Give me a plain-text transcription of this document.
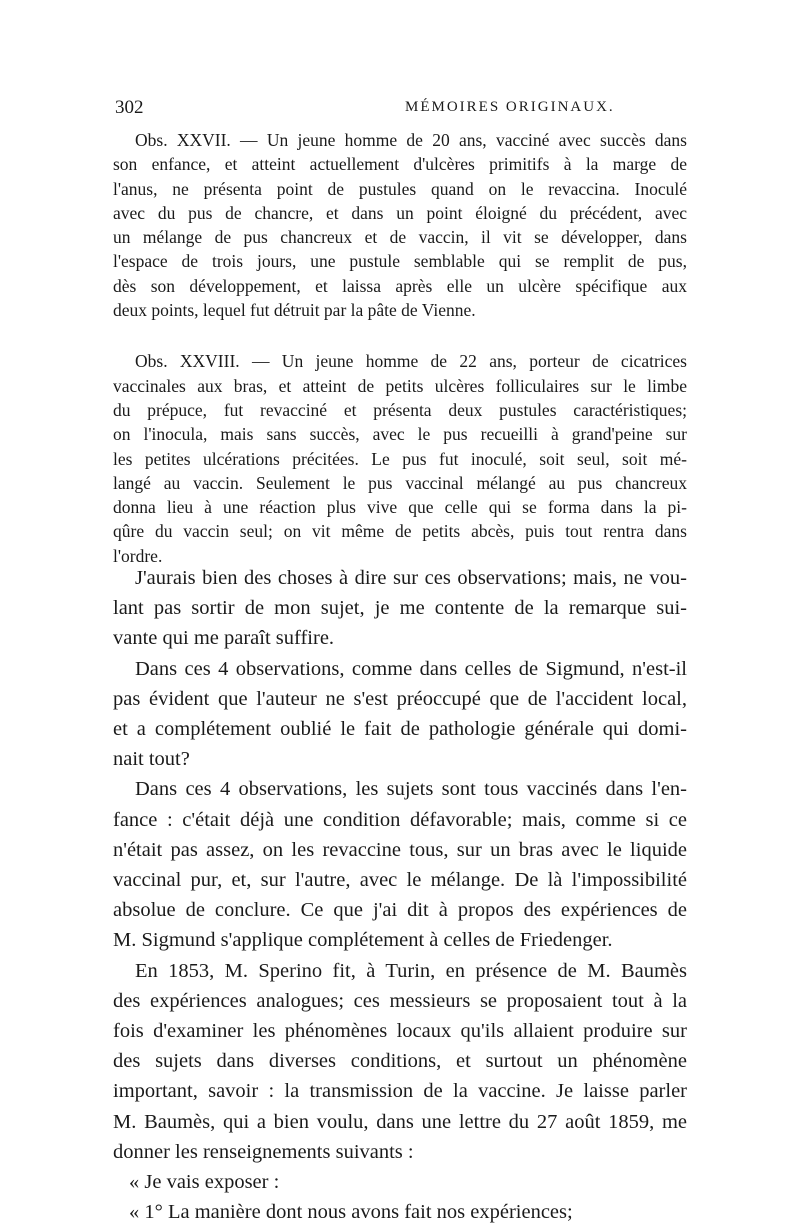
302	MÉMOIRES ORIGINAUX.
Obs. XXVII. — Un jeune homme de 20 ans, vacciné avec succès dans
son enfance, et atteint actuellement d'ulcères primitifs à la marge de
l'anus, ne présenta point de pustules quand on le revaccina. Inoculé
avec du pus de chancre, et dans un point éloigné du précédent, avec
un mélange de pus chancreux et de vaccin, il vit se développer, dans
l'espace de trois jours, une pustule semblable qui se remplit de pus,
dès son développement, et laissa après elle un ulcère spécifique aux
deux points, lequel fut détruit par la pâte de Vienne.
Obs. XXVIII. — Un jeune homme de 22 ans, porteur de cicatrices
vaccinales aux bras, et atteint de petits ulcères folliculaires sur le limbe
du prépuce, fut revacciné et présenta deux pustules caractéristiques;
on l'inocula, mais sans succès, avec le pus recueilli à grand'peine sur
les petites ulcérations précitées. Le pus fut inoculé, soit seul, soit mé-
langé au vaccin. Seulement le pus vaccinal mélangé au pus chancreux
donna lieu à une réaction plus vive que celle qui se forma dans la pi-
qûre du vaccin seul; on vit même de petits abcès, puis tout rentra dans
l'ordre.
J'aurais bien des choses à dire sur ces observations; mais, ne vou-
lant pas sortir de mon sujet, je me contente de la remarque sui-
vante qui me paraît suffire.
Dans ces 4 observations, comme dans celles de Sigmund, n'est-il
pas évident que l'auteur ne s'est préoccupé que de l'accident local,
et a complétement oublié le fait de pathologie générale qui domi-
nait tout?
Dans ces 4 observations, les sujets sont tous vaccinés dans l'en-
fance : c'était déjà une condition défavorable; mais, comme si ce
n'était pas assez, on les revaccine tous, sur un bras avec le liquide
vaccinal pur, et, sur l'autre, avec le mélange. De là l'impossibilité
absolue de conclure. Ce que j'ai dit à propos des expériences de
M. Sigmund s'applique complétement à celles de Friedenger.
En 1853, M. Sperino fit, à Turin, en présence de M. Baumès
des expériences analogues; ces messieurs se proposaient tout à la
fois d'examiner les phénomènes locaux qu'ils allaient produire sur
des sujets dans diverses conditions, et surtout un phénomène
important, savoir : la transmission de la vaccine. Je laisse parler
M. Baumès, qui a bien voulu, dans une lettre du 27 août 1859, me
donner les renseignements suivants :
« Je vais exposer :
« 1° La manière dont nous avons fait nos expériences;
